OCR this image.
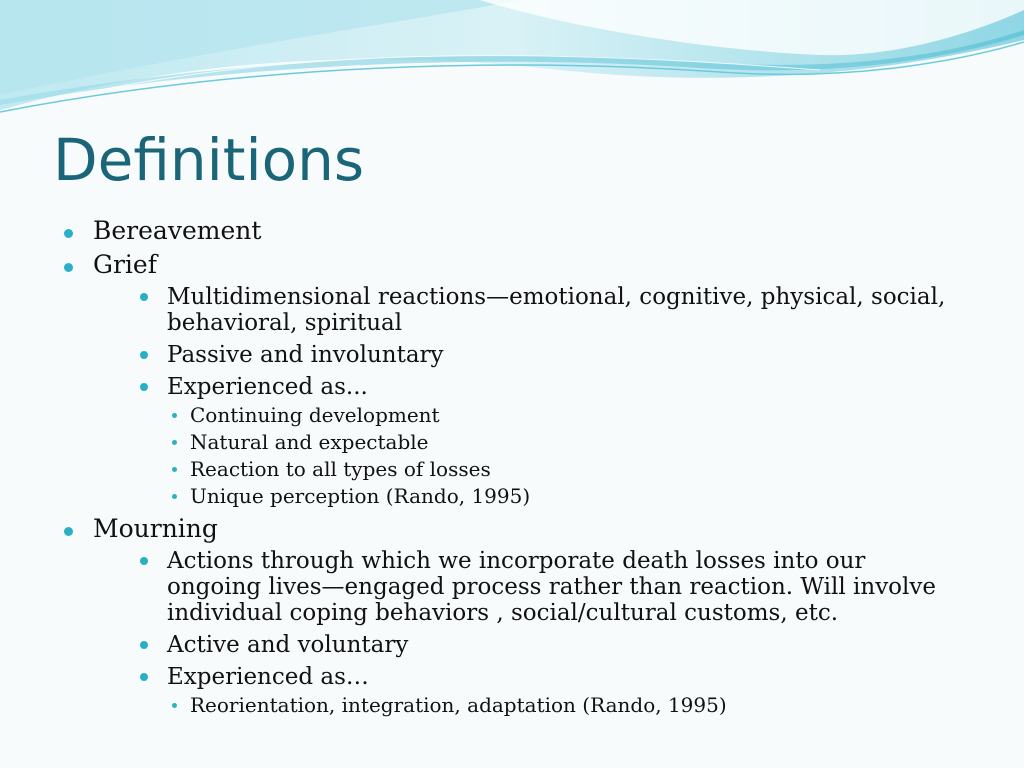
Definitions
Bereavement
Grief
Multidimensional reactions—emotional, cognitive, physical, social, behavioral, spiritual
Passive and involuntary
Experienced as...
Continuing development
Natural and expectable
Reaction to all types of losses
Unique perception (Rando, 1995)
Mourning
Actions through which we incorporate death losses into our ongoing lives—engaged process rather than reaction. Will involve individual coping behaviors , social/cultural customs, etc.
Active and voluntary
Experienced as…
Reorientation, integration, adaptation (Rando, 1995)
